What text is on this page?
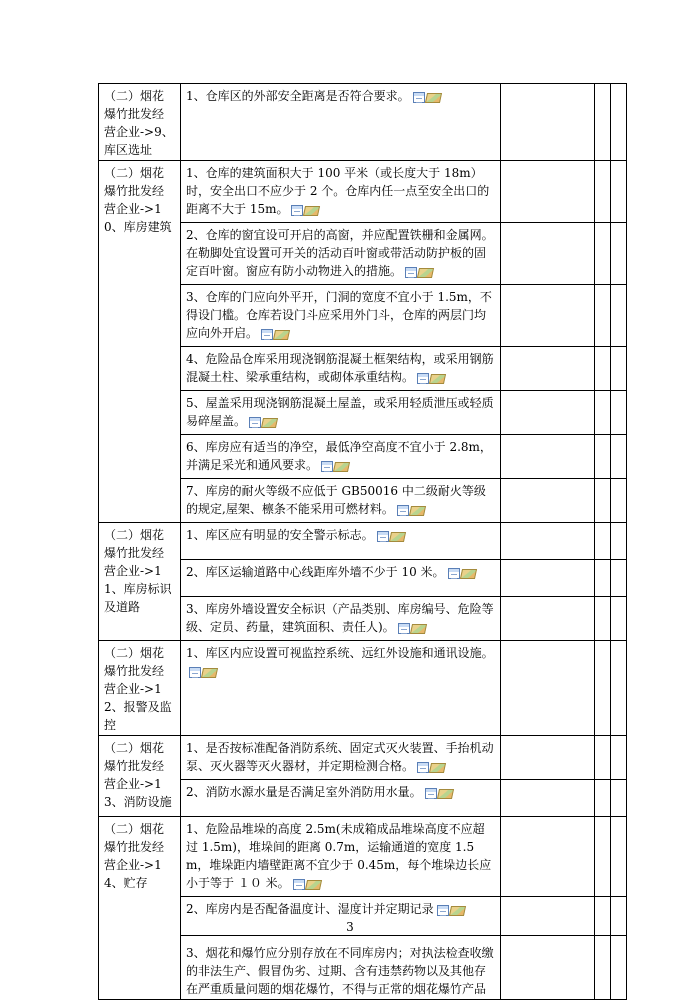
（二）烟花爆竹批发经营企业->9、库区选址	1、仓库区的外部安全距离是否符合要求。			
（二）烟花爆竹批发经营企业->10、库房建筑	1、仓库的建筑面积大于 100 平米（或长度大于 18m）时，安全出口不应少于 2 个。仓库内任一点至安全出口的距离不大于 15m。			
	2、仓库的窗宜设可开启的高窗，并应配置铁栅和金属网。在勒脚处宜设置可开关的活动百叶窗或带活动防护板的固定百叶窗。窗应有防小动物进入的措施。			
	3、仓库的门应向外平开，门洞的宽度不宜小于 1.5m，不得设门槛。仓库若设门斗应采用外门斗，仓库的两层门均应向外开启。			
	4、危险品仓库采用现浇钢筋混凝土框架结构，或采用钢筋混凝土柱、梁承重结构，或砌体承重结构。			
	5、屋盖采用现浇钢筋混凝土屋盖，或采用轻质泄压或轻质易碎屋盖。			
	6、库房应有适当的净空，最低净空高度不宜小于 2.8m，并满足采光和通风要求。			
	7、库房的耐火等级不应低于 GB50016 中二级耐火等级的规定,屋架、檩条不能采用可燃材料。			
（二）烟花爆竹批发经营企业->11、库房标识及道路	1、库区应有明显的安全警示标志。			
	2、库区运输道路中心线距库外墙不少于 10 米。			
	3、库房外墙设置安全标识（产品类别、库房编号、危险等级、定员、药量，建筑面积、责任人)。			
（二）烟花爆竹批发经营企业->12、报警及监控	1、库区内应设置可视监控系统、远红外设施和通讯设施。			
（二）烟花爆竹批发经营企业->13、消防设施	1、是否按标准配备消防系统、固定式灭火装置、手抬机动泵、灭火器等灭火器材，并定期检测合格。			
	2、消防水源水量是否满足室外消防用水量。			
（二）烟花爆竹批发经营企业->14、贮存	1、危险品堆垛的高度 2.5m(未成箱成品堆垛高度不应超过 1.5m)，堆垛间的距离 0.7m，运输通道的宽度 1.5m，堆垛距内墙壁距离不宜少于 0.45m，每个堆垛边长应小于等于 １０ 米。			
	2、库房内是否配备温度计、湿度计并定期记录			
	3、烟花和爆竹应分别存放在不同库房内；对执法检查收缴的非法生产、假冒伪劣、过期、含有违禁药物以及其他存在严重质量问题的烟花爆竹，不得与正常的烟花爆竹产品			
3
